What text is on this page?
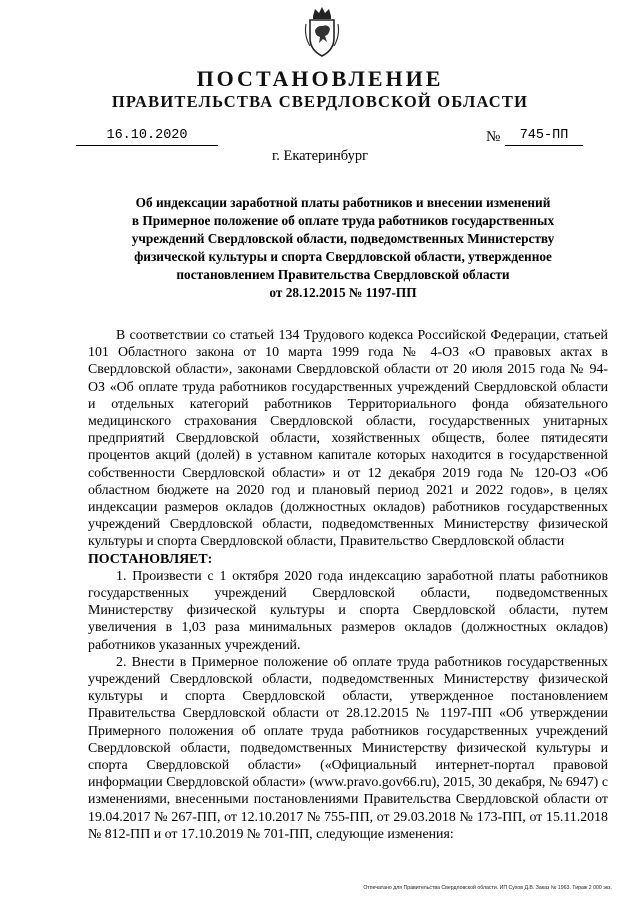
ПОСТАНОВЛЕНИЕ
ПРАВИТЕЛЬСТВА СВЕРДЛОВСКОЙ ОБЛАСТИ
16.10.2020	№	745-ПП
г. Екатеринбург
Об индексации заработной платы работников и внесении изменений
в Примерное положение об оплате труда работников государственных
учреждений Свердловской области, подведомственных Министерству
физической культуры и спорта Свердловской области, утвержденное
постановлением Правительства Свердловской области
от 28.12.2015 № 1197-ПП

В соответствии со статьей 134 Трудового кодекса Российской Федерации, статьей 101 Областного закона от 10 марта 1999 года № 4-ОЗ «О правовых актах в Свердловской области», законами Свердловской области от 20 июля 2015 года № 94-ОЗ «Об оплате труда работников государственных учреждений Свердловской области и отдельных категорий работников Территориального фонда обязательного медицинского страхования Свердловской области, государственных унитарных предприятий Свердловской области, хозяйственных обществ, более пятидесяти процентов акций (долей) в уставном капитале которых находится в государственной собственности Свердловской области» и от 12 декабря 2019 года № 120-ОЗ «Об областном бюджете на 2020 год и плановый период 2021 и 2022 годов», в целях индексации размеров окладов (должностных окладов) работников государственных учреждений Свердловской области, подведомственных Министерству физической культуры и спорта Свердловской области, Правительство Свердловской области

ПОСТАНОВЛЯЕТ:

1. Произвести с 1 октября 2020 года индексацию заработной платы работников государственных учреждений Свердловской области, подведомственных Министерству физической культуры и спорта Свердловской области, путем увеличения в 1,03 раза минимальных размеров окладов (должностных окладов) работников указанных учреждений.

2. Внести в Примерное положение об оплате труда работников государственных учреждений Свердловской области, подведомственных Министерству физической культуры и спорта Свердловской области, утвержденное постановлением Правительства Свердловской области от 28.12.2015 № 1197-ПП «Об утверждении Примерного положения об оплате труда работников государственных учреждений Свердловской области, подведомственных Министерству физической культуры и спорта Свердловской области» («Официальный интернет-портал правовой информации Свердловской области» (www.pravo.gov66.ru), 2015, 30 декабря, № 6947) с изменениями, внесенными постановлениями Правительства Свердловской области от 19.04.2017 № 267-ПП, от 12.10.2017 № 755-ПП, от 29.03.2018 № 173-ПП, от 15.11.2018 № 812-ПП и от 17.10.2019 № 701-ПП, следующие изменения:

Отпечатано для Правительства Свердловской области. ИП Сухов Д.В. Заказ № 1963. Тираж 2 000 экз.
